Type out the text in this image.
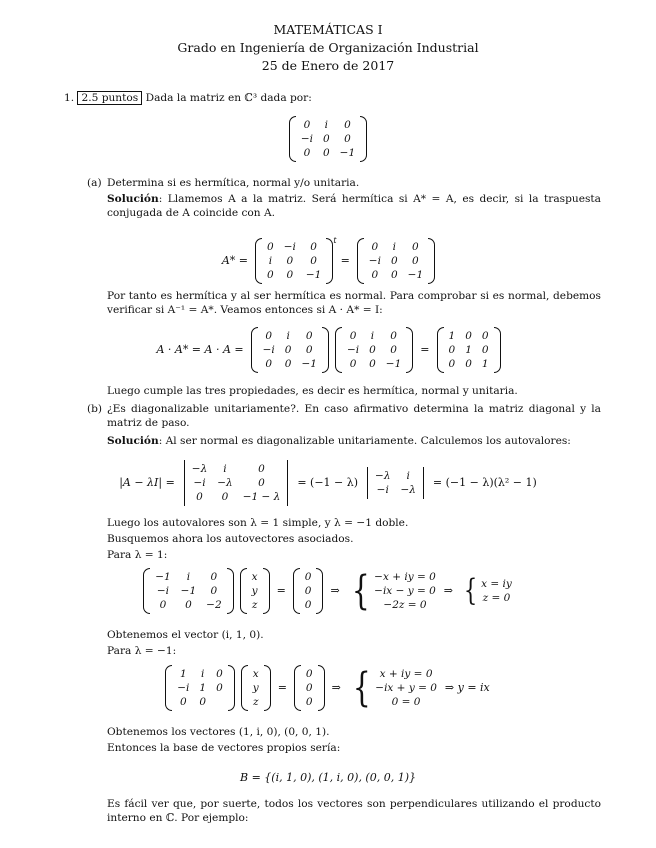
MATEMÁTICAS I
Grado en Ingeniería de Organización Industrial
25 de Enero de 2017
1. 2.5 puntos Dada la matriz en ℂ³ dada por:
0	i	0
−i	0	0
0	0	−1
(a) Determina si es hermítica, normal y/o unitaria.
Solución: Llamemos A a la matriz. Será hermítica si A* = A, es decir, si la traspuesta conjugada de A coincide con A.
A* =
0	−i	0
i	0	0
0	0	−1
t
=
0	i	0
−i	0	0
0	0	−1
Por tanto es hermítica y al ser hermítica es normal. Para comprobar si es normal, debemos verificar si A⁻¹ = A*. Veamos entonces si A · A* = I:
A · A* = A · A =
0	i	0
−i	0	0
0	0	−1
0	i	0
−i	0	0
0	0	−1
=
1	0	0
0	1	0
0	0	1
Luego cumple las tres propiedades, es decir es hermítica, normal y unitaria.
(b) ¿Es diagonalizable unitariamente?. En caso afirmativo determina la matriz diagonal y la matriz de paso.
Solución: Al ser normal es diagonalizable unitariamente. Calculemos los autovalores:
|A − λI| =
−λ	i	0
−i	−λ	0
0	0	−1 − λ
= (−1 − λ) −λ	i
−i	−λ
= (−1 − λ)(λ² − 1)
Luego los autovalores son λ = 1 simple, y λ = −1 doble.
Busquemos ahora los autovectores asociados.
Para λ = 1:
−1	i	0
−i	−1	0
0	0	−2
x
y
z
=
0
0
0
⇒ { −x + iy = 0
−ix − y = 0
−2z = 0
⇒ { x = iy
z = 0
Obtenemos el vector (i, 1, 0).
Para λ = −1:
1	i	0
−i	1	0
0	0	
x
y
z
=
0
0
0
⇒ { x + iy = 0
−ix + y = 0
0 = 0
⇒ y = ix
Obtenemos los vectores (1, i, 0), (0, 0, 1).
Entonces la base de vectores propios sería:
B = {(i, 1, 0), (1, i, 0), (0, 0, 1)}
Es fácil ver que, por suerte, todos los vectores son perpendiculares utilizando el producto interno en ℂ. Por ejemplo:
